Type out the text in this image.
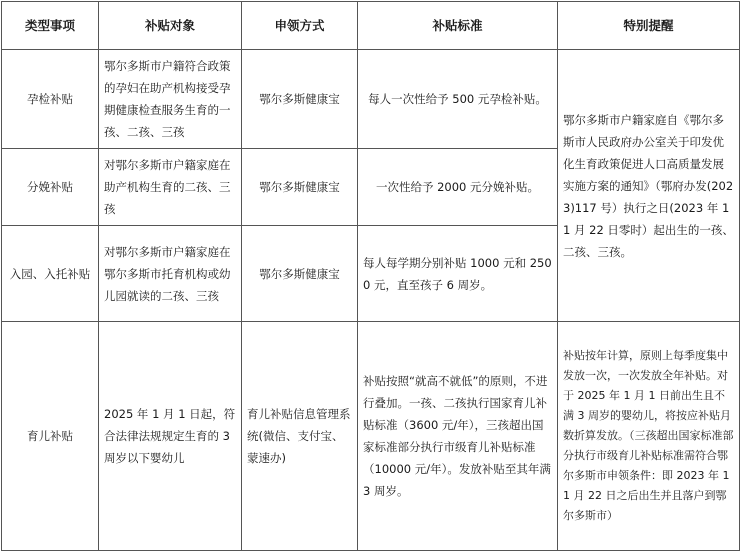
类型事项	补贴对象	申领方式	补贴标准	特别提醒
孕检补贴	鄂尔多斯市户籍符合政策的孕妇在助产机构接受孕期健康检查服务生育的一孩、二孩、三孩	鄂尔多斯健康宝	每人一次性给予 500 元孕检补贴。	鄂尔多斯市户籍家庭自《鄂尔多斯市人民政府办公室关于印发优化生育政策促进人口高质量发展实施方案的通知》（鄂府办发(2023)117 号）执行之日(2023 年 11 月 22 日零时）起出生的一孩、二孩、三孩。
分娩补贴	对鄂尔多斯市户籍家庭在助产机构生育的二孩、三孩	鄂尔多斯健康宝	一次性给予 2000 元分娩补贴。	
入园、入托补贴	对鄂尔多斯市户籍家庭在鄂尔多斯市托育机构或幼儿园就读的二孩、三孩	鄂尔多斯健康宝	每人每学期分别补贴 1000 元和 2500 元，直至孩子 6 周岁。	
育儿补贴	2025 年 1 月 1 日起，符合法律法规规定生育的 3 周岁以下婴幼儿	育儿补贴信息管理系统(微信、支付宝、蒙速办)	补贴按照“就高不就低”的原则，不进行叠加。一孩、二孩执行国家育儿补贴标准（3600 元/年），三孩超出国家标准部分执行市级育儿补贴标准（10000 元/年）。发放补贴至其年满 3 周岁。	补贴按年计算，原则上每季度集中发放一次，一次发放全年补贴。对于 2025 年 1 月 1 日前出生且不满 3 周岁的婴幼儿，将按应补贴月数折算发放。（三孩超出国家标准部分执行市级育儿补贴标准需符合鄂尔多斯市申领条件：即 2023 年 11 月 22 日之后出生并且落户到鄂尔多斯市）
